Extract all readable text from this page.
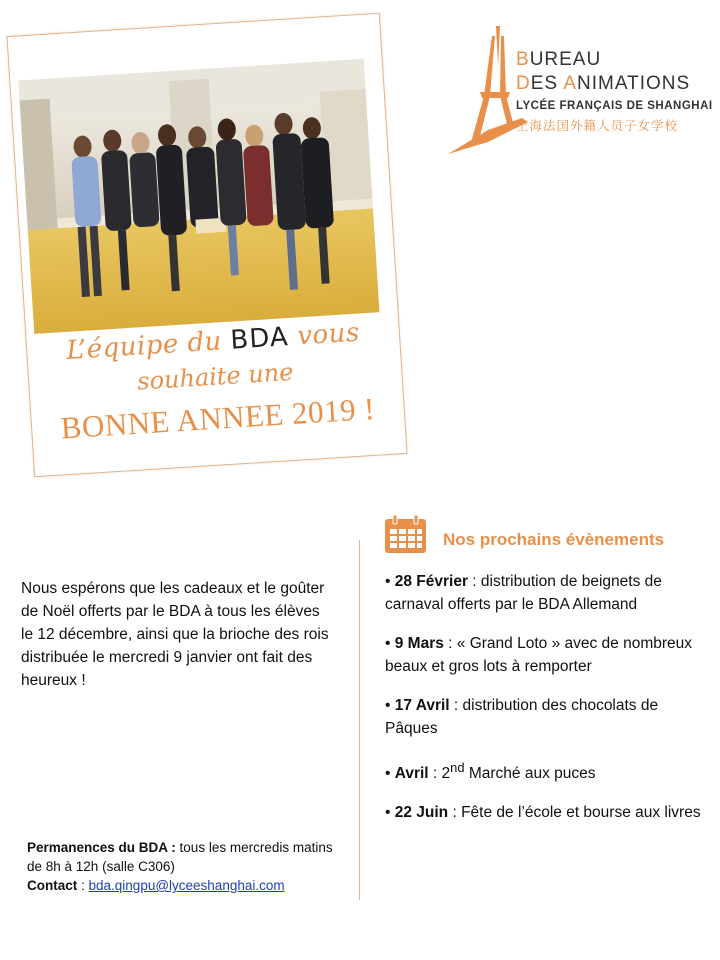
L’équipe du BDA vous
souhaite une
BONNE ANNEE 2019 !
BUREAU
DES ANIMATIONS
LYCÉE FRANÇAIS DE SHANGHAI
上海法国外籍人员子女学校
Nos prochains évènements
• 28 Février : distribution de beignets de carnaval offerts par le BDA Allemand
• 9 Mars : « Grand Loto » avec de nombreux beaux et gros lots à remporter
• 17 Avril : distribution des chocolats de Pâques
• Avril : 2nd Marché aux puces
• 22 Juin : Fête de l’école et bourse aux livres
Nous espérons que les cadeaux et le goûter de Noël offerts par le BDA à tous les élèves le 12 décembre, ainsi que la brioche des rois distribuée le mercredi 9 janvier ont fait des heureux !
Permanences du BDA : tous les mercredis matins de 8h à 12h (salle C306)
Contact : bda.qingpu@lyceeshanghai.com
